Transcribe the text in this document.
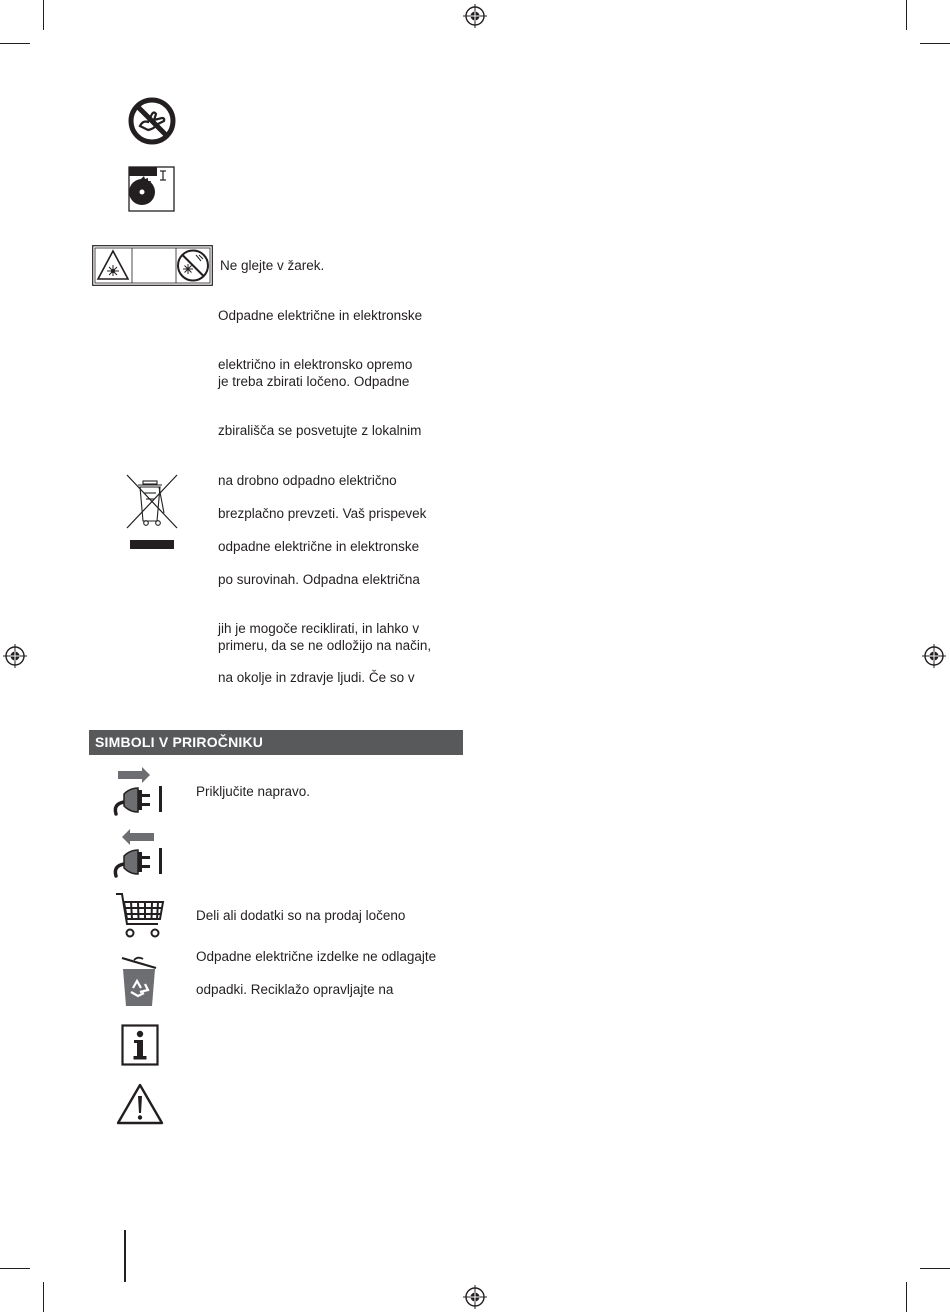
Ne glejte v žarek.
Odpadne električne in elektronske
električno in elektronsko opremo
je treba zbirati ločeno. Odpadne
zbirališča se posvetujte z lokalnim
na drobno odpadno električno
brezplačno prevzeti. Vaš prispevek
odpadne električne in elektronske
po surovinah. Odpadna električna
jih je mogoče reciklirati, in lahko v
primeru, da se ne odložijo na način,
na okolje in zdravje ljudi. Če so v
SIMBOLI V PRIROČNIKU
Priključite napravo.
Deli ali dodatki so na prodaj ločeno
Odpadne električne izdelke ne odlagajte
odpadki. Reciklažo opravljajte na
